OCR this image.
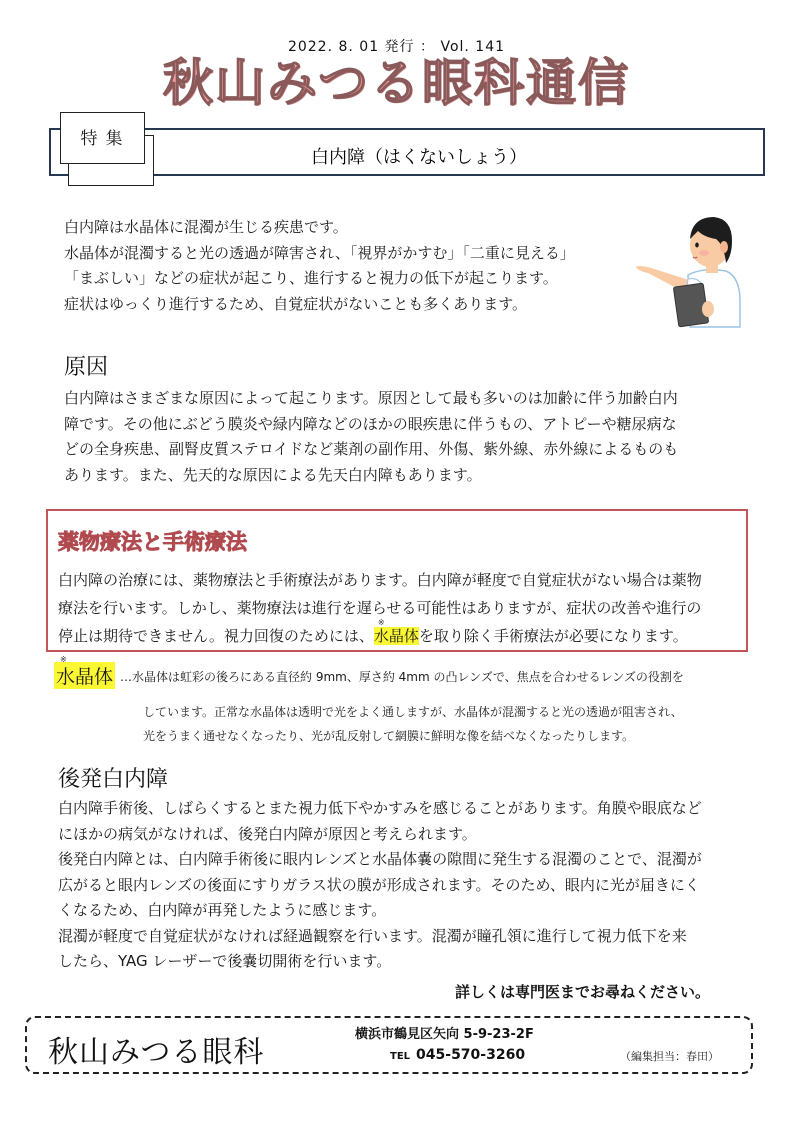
2022. 8. 01 発行 ： Vol. 141
秋山みつる眼科通信
白内障（はくないしょう）
特集
白内障は水晶体に混濁が生じる疾患です。
水晶体が混濁すると光の透過が障害され、「視界がかすむ」「二重に見える」
「まぶしい」などの症状が起こり、進行すると視力の低下が起こります。
症状はゆっくり進行するため、自覚症状がないことも多くあります。
原因
白内障はさまざまな原因によって起こります。原因として最も多いのは加齢に伴う加齢白内
障です。その他にぶどう膜炎や緑内障などのほかの眼疾患に伴うもの、アトピーや糖尿病な
どの全身疾患、副腎皮質ステロイドなど薬剤の副作用、外傷、紫外線、赤外線によるものも
あります。また、先天的な原因による先天白内障もあります。
薬物療法と手術療法
白内障の治療には、薬物療法と手術療法があります。白内障が軽度で自覚症状がない場合は薬物
療法を行います。しかし、薬物療法は進行を遅らせる可能性はありますが、症状の改善や進行の
停止は期待できません。視力回復のためには、
※
水晶体を取り除く手術療法が必要になります。
※
水晶体 …水晶体は虹彩の後ろにある直径約 9mm、厚さ約 4mm の凸レンズで、焦点を合わせるレンズの役割を
しています。正常な水晶体は透明で光をよく通しますが、水晶体が混濁すると光の透過が阻害され、
光をうまく通せなくなったり、光が乱反射して網膜に鮮明な像を結べなくなったりします。
後発白内障
白内障手術後、しばらくするとまた視力低下やかすみを感じることがあります。角膜や眼底など
にほかの病気がなければ、後発白内障が原因と考えられます。
後発白内障とは、白内障手術後に眼内レンズと水晶体嚢の隙間に発生する混濁のことで、混濁が
広がると眼内レンズの後面にすりガラス状の膜が形成されます。そのため、眼内に光が届きにく
くなるため、白内障が再発したように感じます。
混濁が軽度で自覚症状がなければ経過観察を行います。混濁が瞳孔領に進行して視力低下を来
したら、YAG レーザーで後嚢切開術を行います。
詳しくは専門医までお尋ねください。
秋山みつる眼科
横浜市鶴見区矢向 5-9-23-2F
TEL 045-570-3260	（編集担当：春田）
